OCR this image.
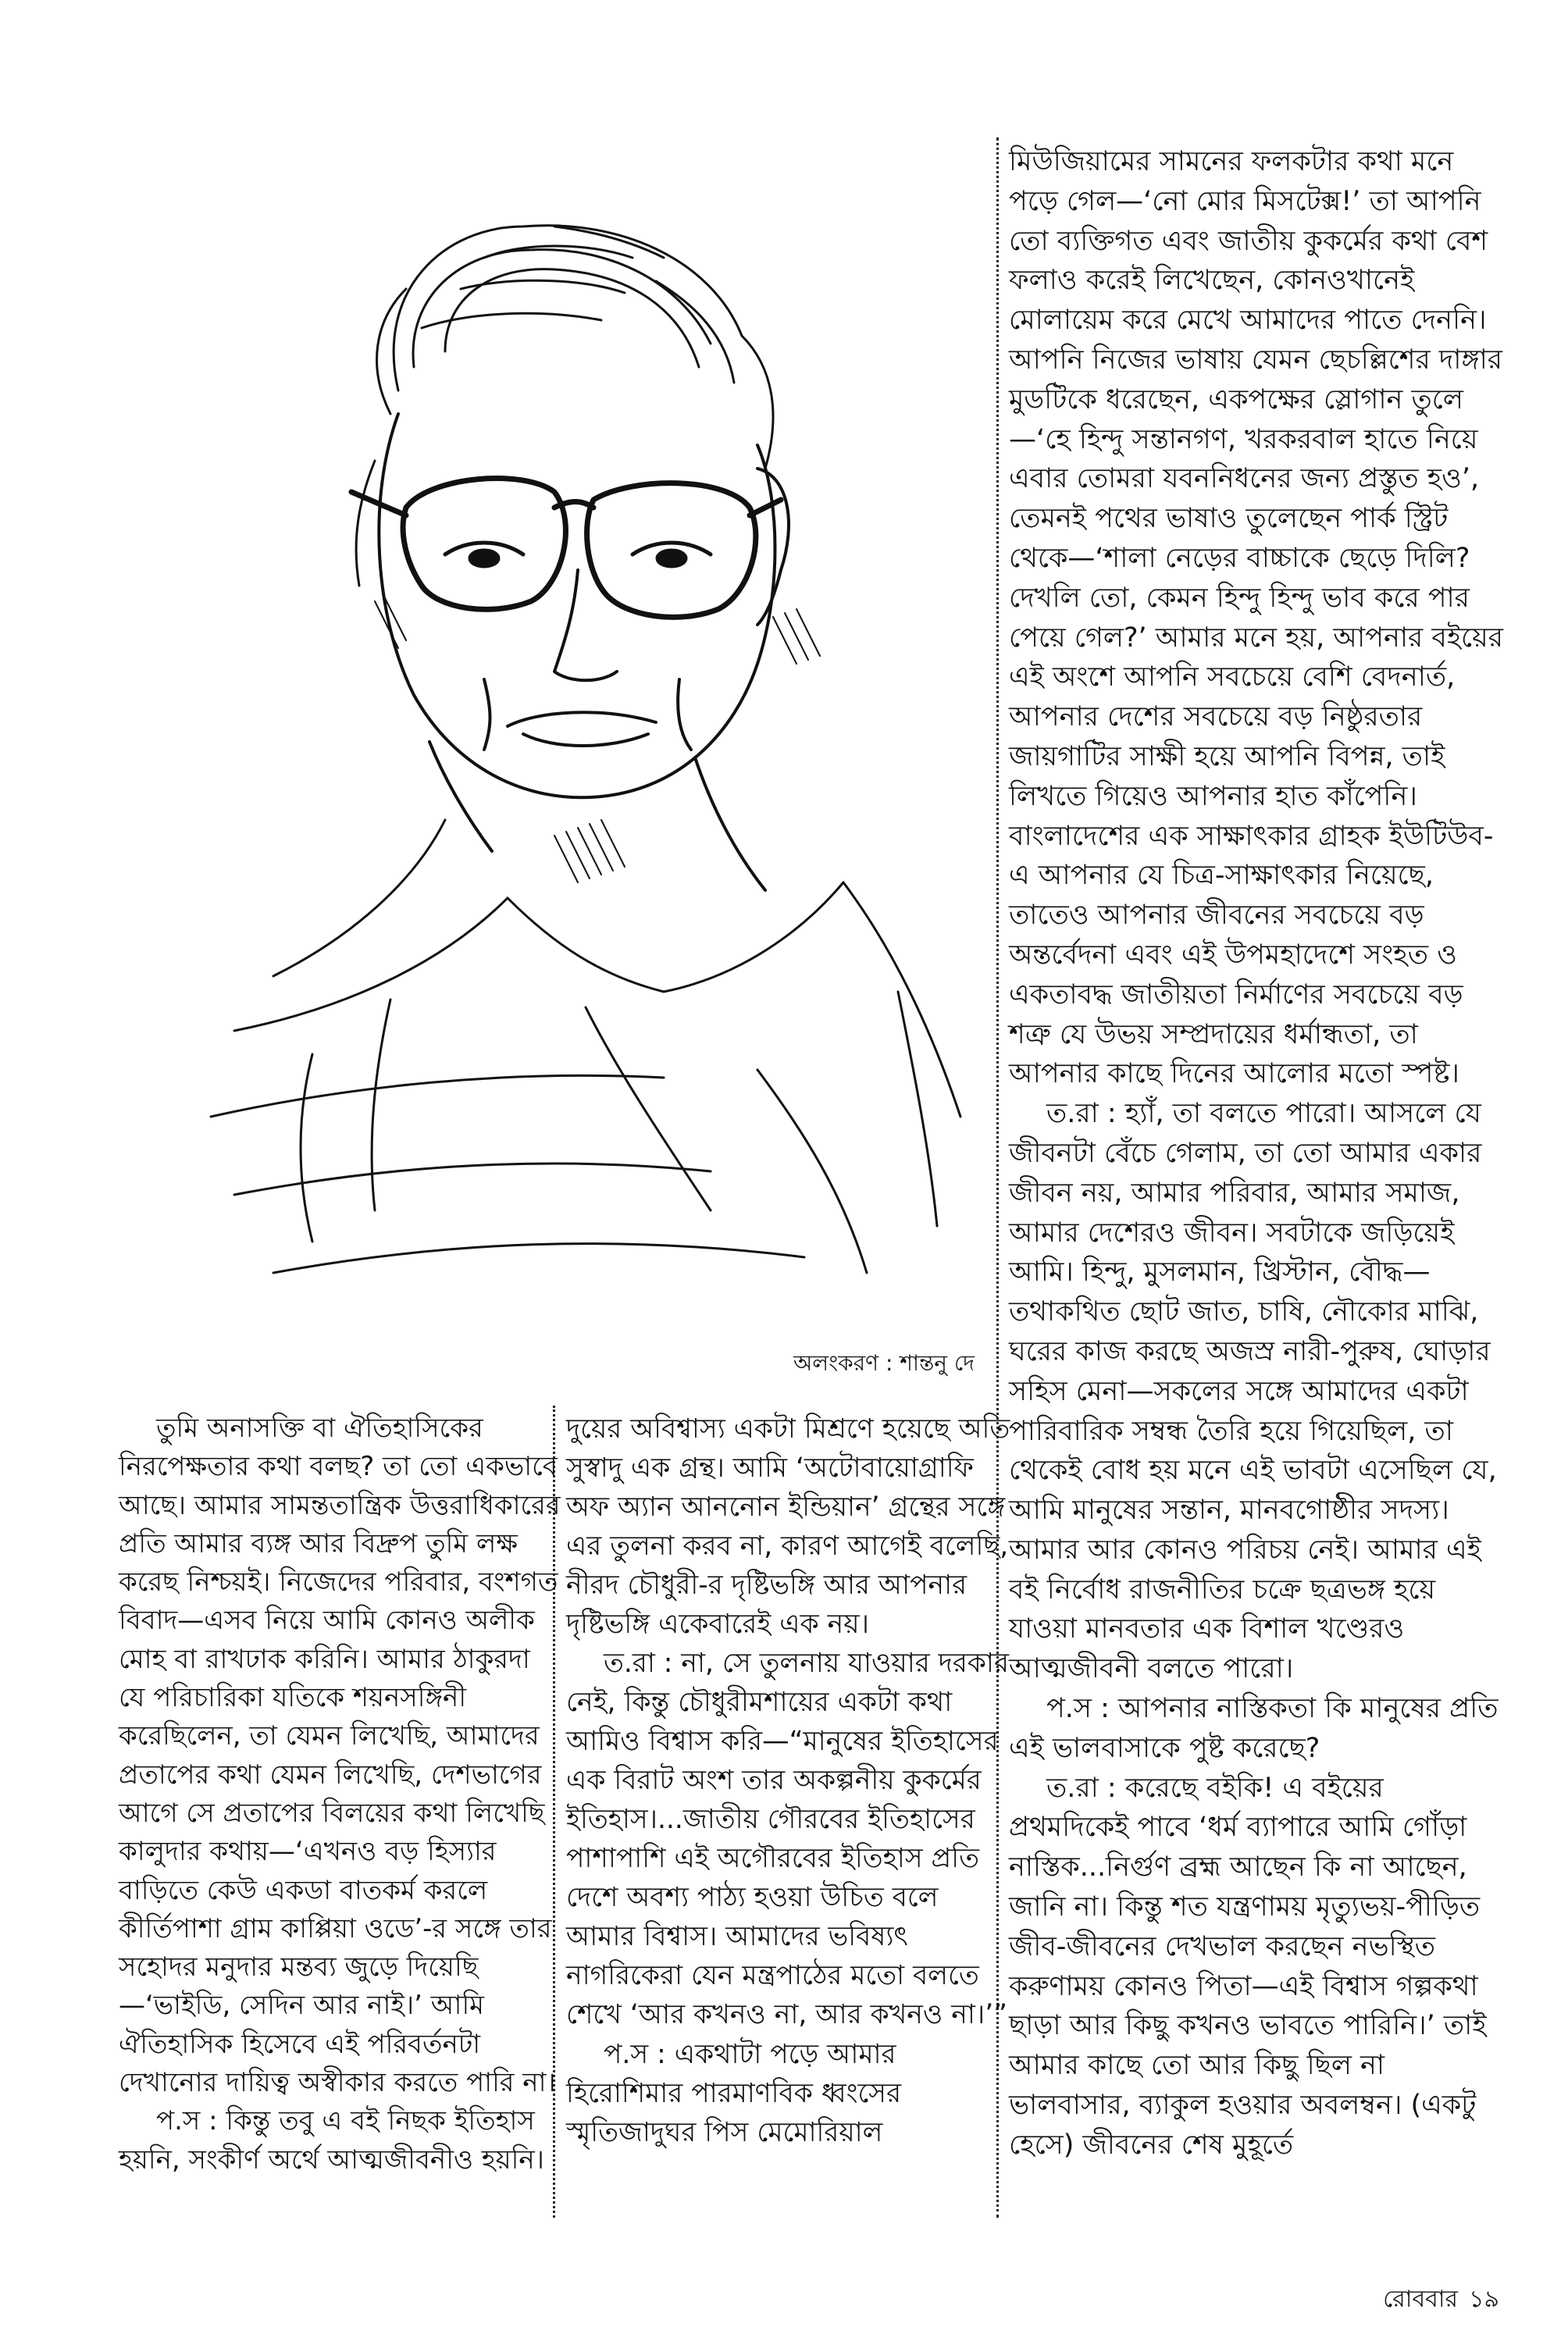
অলংকরণ : শান্তনু দে

তুমি অনাসক্তি বা ঐতিহাসিকের নিরপেক্ষতার কথা বলছ? তা তো একভাবে আছে। আমার সামন্ততান্ত্রিক উত্তরাধিকারের প্রতি আমার ব্যঙ্গ আর বিদ্রুপ তুমি লক্ষ করেছ নিশ্চয়ই। নিজেদের পরিবার, বংশগত বিবাদ—এসব নিয়ে আমি কোনও অলীক মোহ বা রাখঢাক করিনি। আমার ঠাকুরদা যে পরিচারিকা যতিকে শয়নসঙ্গিনী করেছিলেন, তা যেমন লিখেছি, আমাদের প্রতাপের কথা যেমন লিখেছি, দেশভাগের আগে সে প্রতাপের বিলয়ের কথা লিখেছি কালুদার কথায়—‘এখনও বড় হিস্যার বাড়িতে কেউ একডা বাতকর্ম করলে কীর্তিপাশা গ্রাম কাপ্পিয়া ওডে’-র সঙ্গে তার সহোদর মনুদার মন্তব্য জুড়ে দিয়েছি—‘ভাইডি, সেদিন আর নাই।’ আমি ঐতিহাসিক হিসেবে এই পরিবর্তনটা দেখানোর দায়িত্ব অস্বীকার করতে পারি না।

প.স : কিন্তু তবু এ বই নিছক ইতিহাস হয়নি, সংকীর্ণ অর্থে আত্মজীবনীও হয়নি।

দুয়ের অবিশ্বাস্য একটা মিশ্রণে হয়েছে অতি সুস্বাদু এক গ্রন্থ। আমি ‘অটোবায়োগ্রাফি অফ অ্যান আননোন ইন্ডিয়ান’ গ্রন্থের সঙ্গে এর তুলনা করব না, কারণ আগেই বলেছি, নীরদ চৌধুরী-র দৃষ্টিভঙ্গি আর আপনার দৃষ্টিভঙ্গি একেবারেই এক নয়।

ত.রা : না, সে তুলনায় যাওয়ার দরকার নেই, কিন্তু চৌধুরীমশায়ের একটা কথা আমিও বিশ্বাস করি—“মানুষের ইতিহাসের এক বিরাট অংশ তার অকল্পনীয় কুকর্মের ইতিহাস।...জাতীয় গৌরবের ইতিহাসের পাশাপাশি এই অগৌরবের ইতিহাস প্রতি দেশে অবশ্য পাঠ্য হওয়া উচিত বলে আমার বিশ্বাস। আমাদের ভবিষ্যৎ নাগরিকেরা যেন মন্ত্রপাঠের মতো বলতে শেখে ‘আর কখনও না, আর কখনও না।’”

প.স : একথাটা পড়ে আমার হিরোশিমার পারমাণবিক ধ্বংসের স্মৃতিজাদুঘর পিস মেমোরিয়াল

মিউজিয়ামের সামনের ফলকটার কথা মনে পড়ে গেল—‘নো মোর মিসটেক্স!’ তা আপনি তো ব্যক্তিগত এবং জাতীয় কুকর্মের কথা বেশ ফলাও করেই লিখেছেন, কোনওখানেই মোলায়েম করে মেখে আমাদের পাতে দেননি। আপনি নিজের ভাষায় যেমন ছেচল্লিশের দাঙ্গার মুডটিকে ধরেছেন, একপক্ষের স্লোগান তুলে—‘হে হিন্দু সন্তানগণ, খরকরবাল হাতে নিয়ে এবার তোমরা যবননিধনের জন্য প্রস্তুত হও’, তেমনই পথের ভাষাও তুলেছেন পার্ক স্ট্রিট থেকে—‘শালা নেড়ের বাচ্চাকে ছেড়ে দিলি? দেখলি তো, কেমন হিন্দু হিন্দু ভাব করে পার পেয়ে গেল?’ আমার মনে হয়, আপনার বইয়ের এই অংশে আপনি সবচেয়ে বেশি বেদনার্ত, আপনার দেশের সবচেয়ে বড় নিষ্ঠুরতার জায়গাটির সাক্ষী হয়ে আপনি বিপন্ন, তাই লিখতে গিয়েও আপনার হাত কাঁপেনি। বাংলাদেশের এক সাক্ষাৎকার গ্রাহক ইউটিউব-এ আপনার যে চিত্র-সাক্ষাৎকার নিয়েছে, তাতেও আপনার জীবনের সবচেয়ে বড় অন্তর্বেদনা এবং এই উপমহাদেশে সংহত ও একতাবদ্ধ জাতীয়তা নির্মাণের সবচেয়ে বড় শত্রু যে উভয় সম্প্রদায়ের ধর্মান্ধতা, তা আপনার কাছে দিনের আলোর মতো স্পষ্ট।

ত.রা : হ্যাঁ, তা বলতে পারো। আসলে যে জীবনটা বেঁচে গেলাম, তা তো আমার একার জীবন নয়, আমার পরিবার, আমার সমাজ, আমার দেশেরও জীবন। সবটাকে জড়িয়েই আমি। হিন্দু, মুসলমান, খ্রিস্টান, বৌদ্ধ—তথাকথিত ছোট জাত, চাষি, নৌকোর মাঝি, ঘরের কাজ করছে অজস্র নারী-পুরুষ, ঘোড়ার সহিস মেনা—সকলের সঙ্গে আমাদের একটা পারিবারিক সম্বন্ধ তৈরি হয়ে গিয়েছিল, তা থেকেই বোধ হয় মনে এই ভাবটা এসেছিল যে, আমি মানুষের সন্তান, মানবগোষ্ঠীর সদস্য। আমার আর কোনও পরিচয় নেই। আমার এই বই নির্বোধ রাজনীতির চক্রে ছত্রভঙ্গ হয়ে যাওয়া মানবতার এক বিশাল খণ্ডেরও আত্মজীবনী বলতে পারো।

প.স : আপনার নাস্তিকতা কি মানুষের প্রতি এই ভালবাসাকে পুষ্ট করেছে?

ত.রা : করেছে বইকি! এ বইয়ের প্রথমদিকেই পাবে ‘ধর্ম ব্যাপারে আমি গোঁড়া নাস্তিক...নির্গুণ ব্রহ্ম আছেন কি না আছেন, জানি না। কিন্তু শত যন্ত্রণাময় মৃত্যুভয়-পীড়িত জীব-জীবনের দেখভাল করছেন নভস্থিত করুণাময় কোনও পিতা—এই বিশ্বাস গল্পকথা ছাড়া আর কিছু কখনও ভাবতে পারিনি।’ তাই আমার কাছে তো আর কিছু ছিল না ভালবাসার, ব্যাকুল হওয়ার অবলম্বন। (একটু হেসে) জীবনের শেষ মুহূর্তে

রোববার ১৯
